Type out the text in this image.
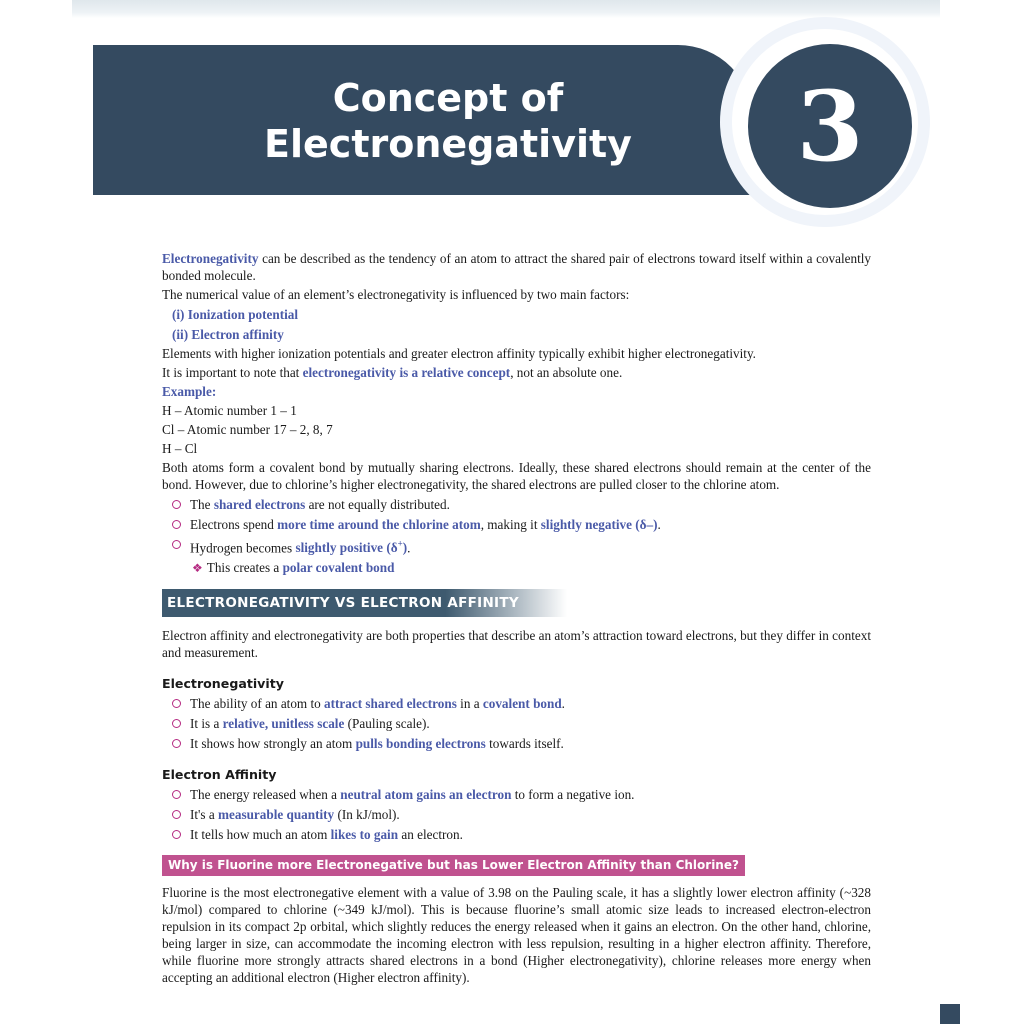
Concept of
Electronegativity	3

Electronegativity can be described as the tendency of an atom to attract the shared pair of electrons toward itself within a covalently bonded molecule.

The numerical value of an element’s electronegativity is influenced by two main factors:

(i) Ionization potential
(ii) Electron affinity

Elements with higher ionization potentials and greater electron affinity typically exhibit higher electronegativity.

It is important to note that electronegativity is a relative concept, not an absolute one.

Example:

H – Atomic number 1 – 1

Cl – Atomic number 17 – 2, 8, 7

H – Cl

Both atoms form a covalent bond by mutually sharing electrons. Ideally, these shared electrons should remain at the center of the bond. However, due to chlorine’s higher electronegativity, the shared electrons are pulled closer to the chlorine atom.

The shared electrons are not equally distributed.
Electrons spend more time around the chlorine atom, making it slightly negative (δ–).
Hydrogen becomes slightly positive (δ+).
❖ This creates a polar covalent bond
ELECTRONEGATIVITY VS ELECTRON AFFINITY

Electron affinity and electronegativity are both properties that describe an atom’s attraction toward electrons, but they differ in context and measurement.

Electronegativity
The ability of an atom to attract shared electrons in a covalent bond.
It is a relative, unitless scale (Pauling scale).
It shows how strongly an atom pulls bonding electrons towards itself.
Electron Affinity
The energy released when a neutral atom gains an electron to form a negative ion.
It's a measurable quantity (In kJ/mol).
It tells how much an atom likes to gain an electron.
Why is Fluorine more Electronegative but has Lower Electron Affinity than Chlorine?

Fluorine is the most electronegative element with a value of 3.98 on the Pauling scale, it has a slightly lower electron affinity (~328 kJ/mol) compared to chlorine (~349 kJ/mol). This is because fluorine’s small atomic size leads to increased electron-electron repulsion in its compact 2p orbital, which slightly reduces the energy released when it gains an electron. On the other hand, chlorine, being larger in size, can accommodate the incoming electron with less repulsion, resulting in a higher electron affinity. Therefore, while fluorine more strongly attracts shared electrons in a bond (Higher electronegativity), chlorine releases more energy when accepting an additional electron (Higher electron affinity).
